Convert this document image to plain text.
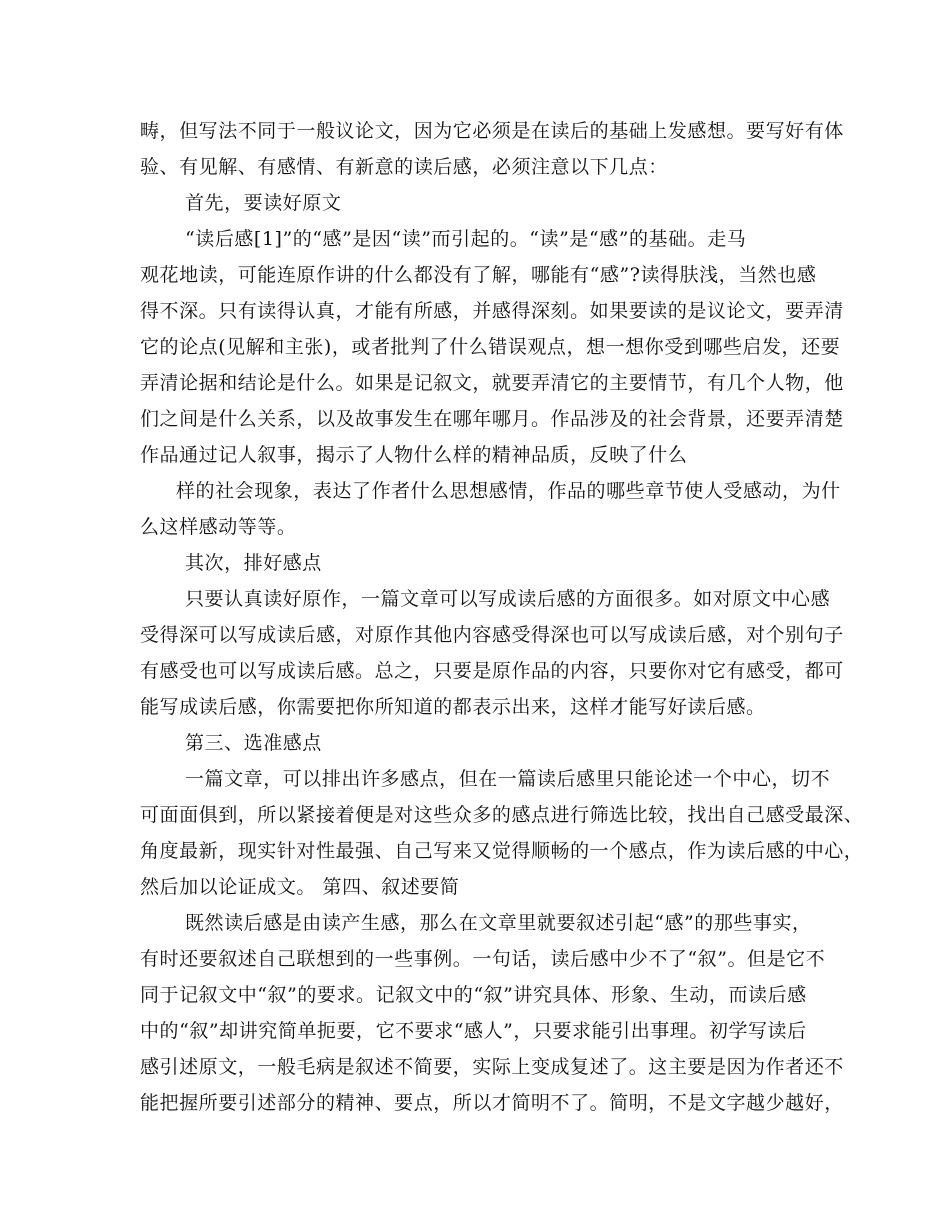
畴，但写法不同于一般议论文，因为它必须是在读后的基础上发感想。要写好有体

验、有见解、有感情、有新意的读后感，必须注意以下几点：

首先，要读好原文

“读后感[1]”的“感”是因“读”而引起的。“读”是“感”的基础。走马

观花地读，可能连原作讲的什么都没有了解，哪能有“感”?读得肤浅，当然也感

得不深。只有读得认真，才能有所感，并感得深刻。如果要读的是议论文，要弄清

它的论点(见解和主张)，或者批判了什么错误观点，想一想你受到哪些启发，还要

弄清论据和结论是什么。如果是记叙文，就要弄清它的主要情节，有几个人物，他

们之间是什么关系，以及故事发生在哪年哪月。作品涉及的社会背景，还要弄清楚

作品通过记人叙事，揭示了人物什么样的精神品质，反映了什么

样的社会现象，表达了作者什么思想感情，作品的哪些章节使人受感动，为什

么这样感动等等。

其次，排好感点

只要认真读好原作，一篇文章可以写成读后感的方面很多。如对原文中心感

受得深可以写成读后感，对原作其他内容感受得深也可以写成读后感，对个别句子

有感受也可以写成读后感。总之，只要是原作品的内容，只要你对它有感受，都可

能写成读后感，你需要把你所知道的都表示出来，这样才能写好读后感。

第三、选准感点

一篇文章，可以排出许多感点，但在一篇读后感里只能论述一个中心，切不

可面面俱到，所以紧接着便是对这些众多的感点进行筛选比较，找出自己感受最深、

角度最新，现实针对性最强、自己写来又觉得顺畅的一个感点，作为读后感的中心，

然后加以论证成文。 第四、叙述要简

既然读后感是由读产生感，那么在文章里就要叙述引起“感”的那些事实，

有时还要叙述自己联想到的一些事例。一句话，读后感中少不了“叙”。但是它不

同于记叙文中“叙”的要求。记叙文中的“叙”讲究具体、形象、生动，而读后感

中的“叙”却讲究简单扼要，它不要求“感人”，只要求能引出事理。初学写读后

感引述原文，一般毛病是叙述不简要，实际上变成复述了。这主要是因为作者还不

能把握所要引述部分的精神、要点，所以才简明不了。简明，不是文字越少越好，
